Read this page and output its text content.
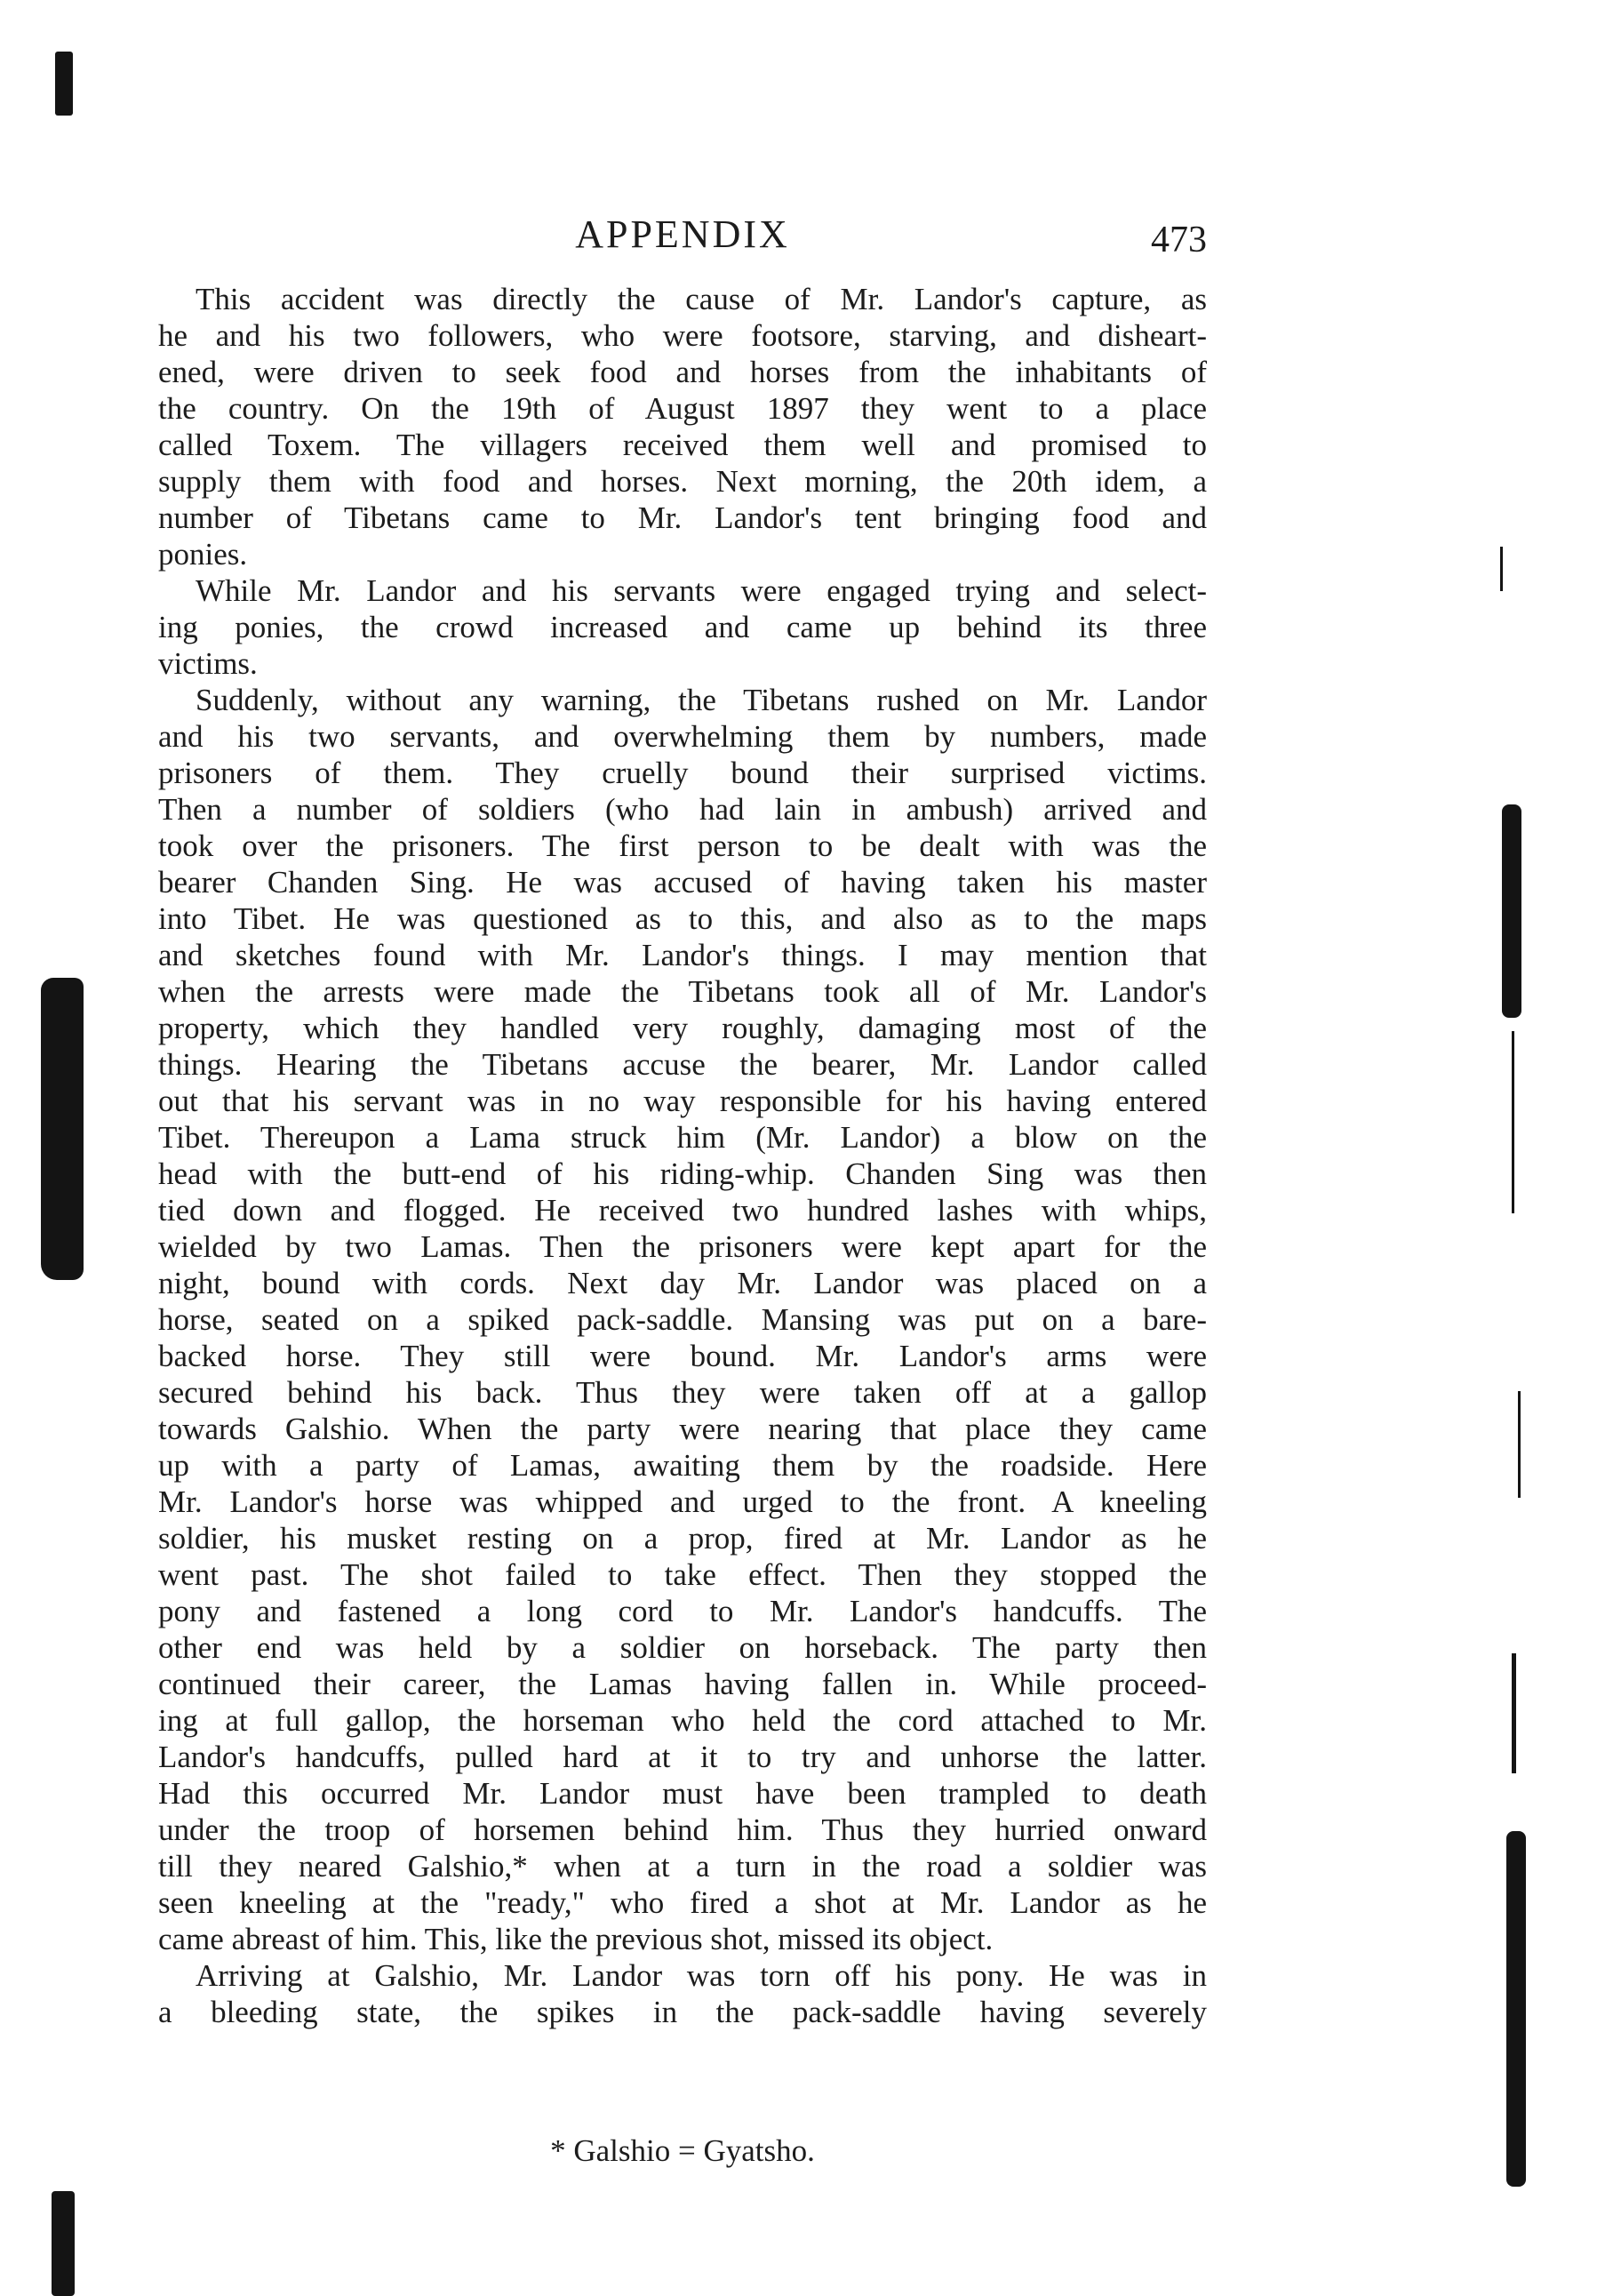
APPENDIX	473
This accident was directly the cause of Mr. Landor's capture, as
he and his two followers, who were footsore, starving, and disheart-
ened, were driven to seek food and horses from the inhabitants of
the country. On the 19th of August 1897 they went to a place
called Toxem. The villagers received them well and promised to
supply them with food and horses. Next morning, the 20th idem, a
number of Tibetans came to Mr. Landor's tent bringing food and
ponies.
While Mr. Landor and his servants were engaged trying and select-
ing ponies, the crowd increased and came up behind its three
victims.
Suddenly, without any warning, the Tibetans rushed on Mr. Landor
and his two servants, and overwhelming them by numbers, made
prisoners of them. They cruelly bound their surprised victims.
Then a number of soldiers (who had lain in ambush) arrived and
took over the prisoners. The first person to be dealt with was the
bearer Chanden Sing. He was accused of having taken his master
into Tibet. He was questioned as to this, and also as to the maps
and sketches found with Mr. Landor's things. I may mention that
when the arrests were made the Tibetans took all of Mr. Landor's
property, which they handled very roughly, damaging most of the
things. Hearing the Tibetans accuse the bearer, Mr. Landor called
out that his servant was in no way responsible for his having entered
Tibet. Thereupon a Lama struck him (Mr. Landor) a blow on the
head with the butt-end of his riding-whip. Chanden Sing was then
tied down and flogged. He received two hundred lashes with whips,
wielded by two Lamas. Then the prisoners were kept apart for the
night, bound with cords. Next day Mr. Landor was placed on a
horse, seated on a spiked pack-saddle. Mansing was put on a bare-
backed horse. They still were bound. Mr. Landor's arms were
secured behind his back. Thus they were taken off at a gallop
towards Galshio. When the party were nearing that place they came
up with a party of Lamas, awaiting them by the roadside. Here
Mr. Landor's horse was whipped and urged to the front. A kneeling
soldier, his musket resting on a prop, fired at Mr. Landor as he
went past. The shot failed to take effect. Then they stopped the
pony and fastened a long cord to Mr. Landor's handcuffs. The
other end was held by a soldier on horseback. The party then
continued their career, the Lamas having fallen in. While proceed-
ing at full gallop, the horseman who held the cord attached to Mr.
Landor's handcuffs, pulled hard at it to try and unhorse the latter.
Had this occurred Mr. Landor must have been trampled to death
under the troop of horsemen behind him. Thus they hurried onward
till they neared Galshio,* when at a turn in the road a soldier was
seen kneeling at the "ready," who fired a shot at Mr. Landor as he
came abreast of him. This, like the previous shot, missed its object.
Arriving at Galshio, Mr. Landor was torn off his pony. He was in
a bleeding state, the spikes in the pack-saddle having severely
* Galshio = Gyatsho.
